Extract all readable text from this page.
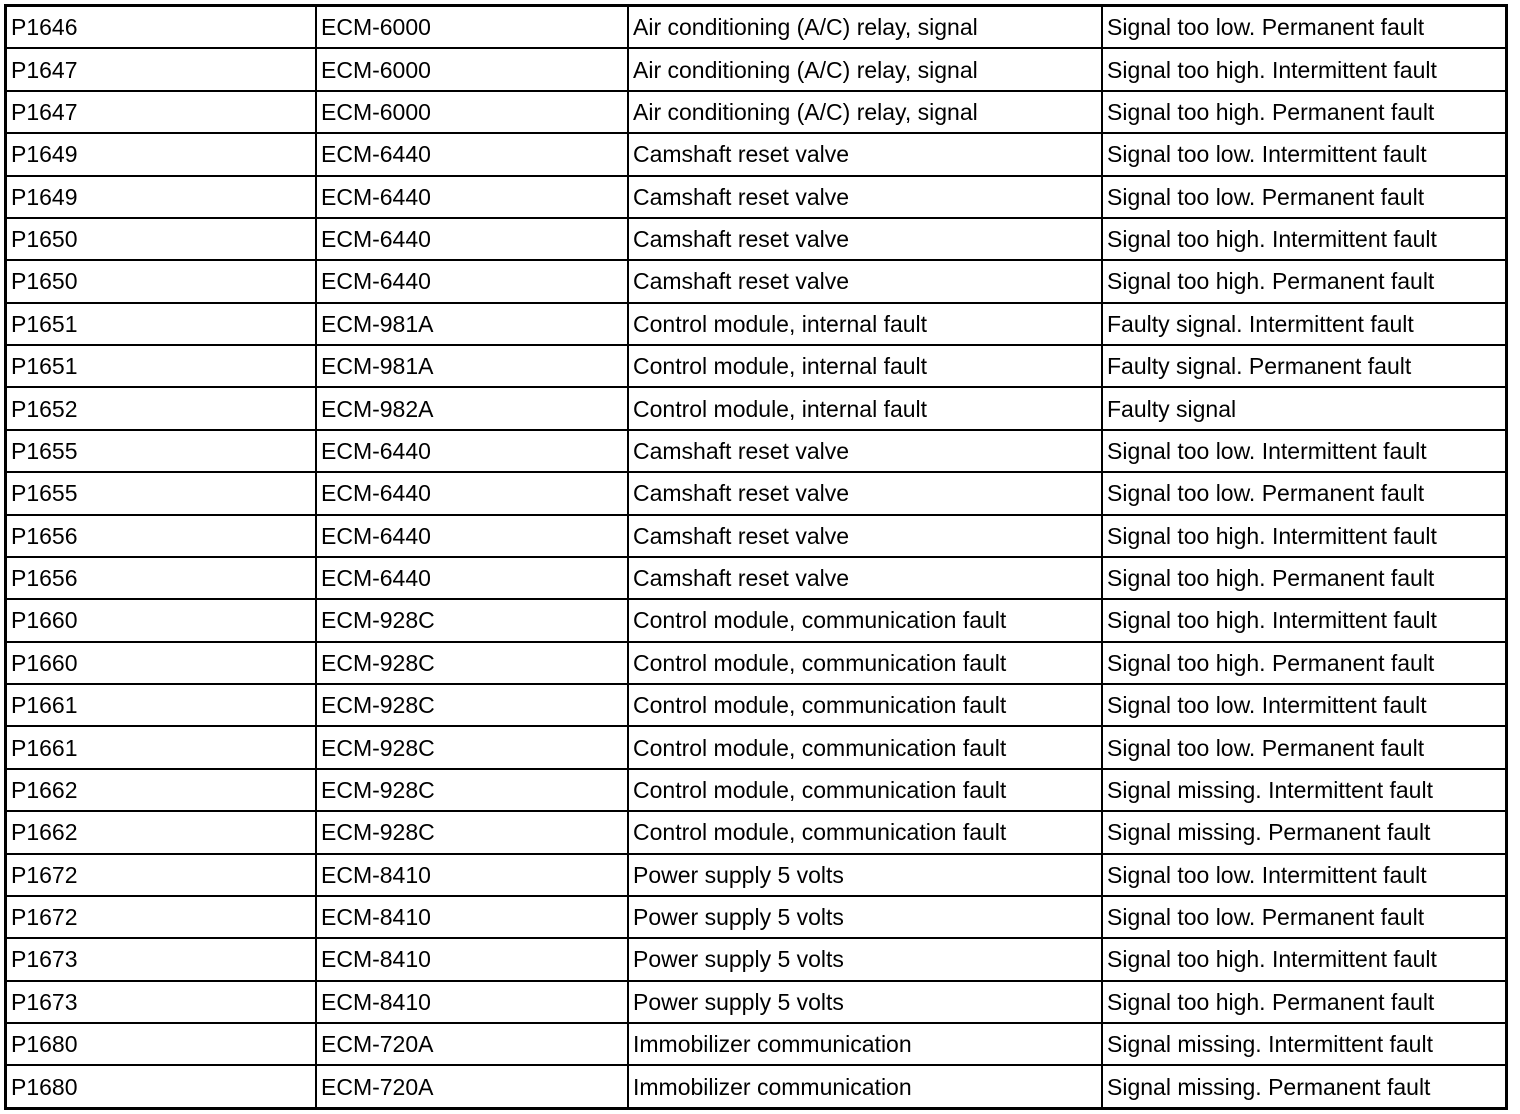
P1646	ECM-6000	Air conditioning (A/C) relay, signal	Signal too low. Permanent fault
P1647	ECM-6000	Air conditioning (A/C) relay, signal	Signal too high. Intermittent fault
P1647	ECM-6000	Air conditioning (A/C) relay, signal	Signal too high. Permanent fault
P1649	ECM-6440	Camshaft reset valve	Signal too low. Intermittent fault
P1649	ECM-6440	Camshaft reset valve	Signal too low. Permanent fault
P1650	ECM-6440	Camshaft reset valve	Signal too high. Intermittent fault
P1650	ECM-6440	Camshaft reset valve	Signal too high. Permanent fault
P1651	ECM-981A	Control module, internal fault	Faulty signal. Intermittent fault
P1651	ECM-981A	Control module, internal fault	Faulty signal. Permanent fault
P1652	ECM-982A	Control module, internal fault	Faulty signal
P1655	ECM-6440	Camshaft reset valve	Signal too low. Intermittent fault
P1655	ECM-6440	Camshaft reset valve	Signal too low. Permanent fault
P1656	ECM-6440	Camshaft reset valve	Signal too high. Intermittent fault
P1656	ECM-6440	Camshaft reset valve	Signal too high. Permanent fault
P1660	ECM-928C	Control module, communication fault	Signal too high. Intermittent fault
P1660	ECM-928C	Control module, communication fault	Signal too high. Permanent fault
P1661	ECM-928C	Control module, communication fault	Signal too low. Intermittent fault
P1661	ECM-928C	Control module, communication fault	Signal too low. Permanent fault
P1662	ECM-928C	Control module, communication fault	Signal missing. Intermittent fault
P1662	ECM-928C	Control module, communication fault	Signal missing. Permanent fault
P1672	ECM-8410	Power supply 5 volts	Signal too low. Intermittent fault
P1672	ECM-8410	Power supply 5 volts	Signal too low. Permanent fault
P1673	ECM-8410	Power supply 5 volts	Signal too high. Intermittent fault
P1673	ECM-8410	Power supply 5 volts	Signal too high. Permanent fault
P1680	ECM-720A	Immobilizer communication	Signal missing. Intermittent fault
P1680	ECM-720A	Immobilizer communication	Signal missing. Permanent fault
